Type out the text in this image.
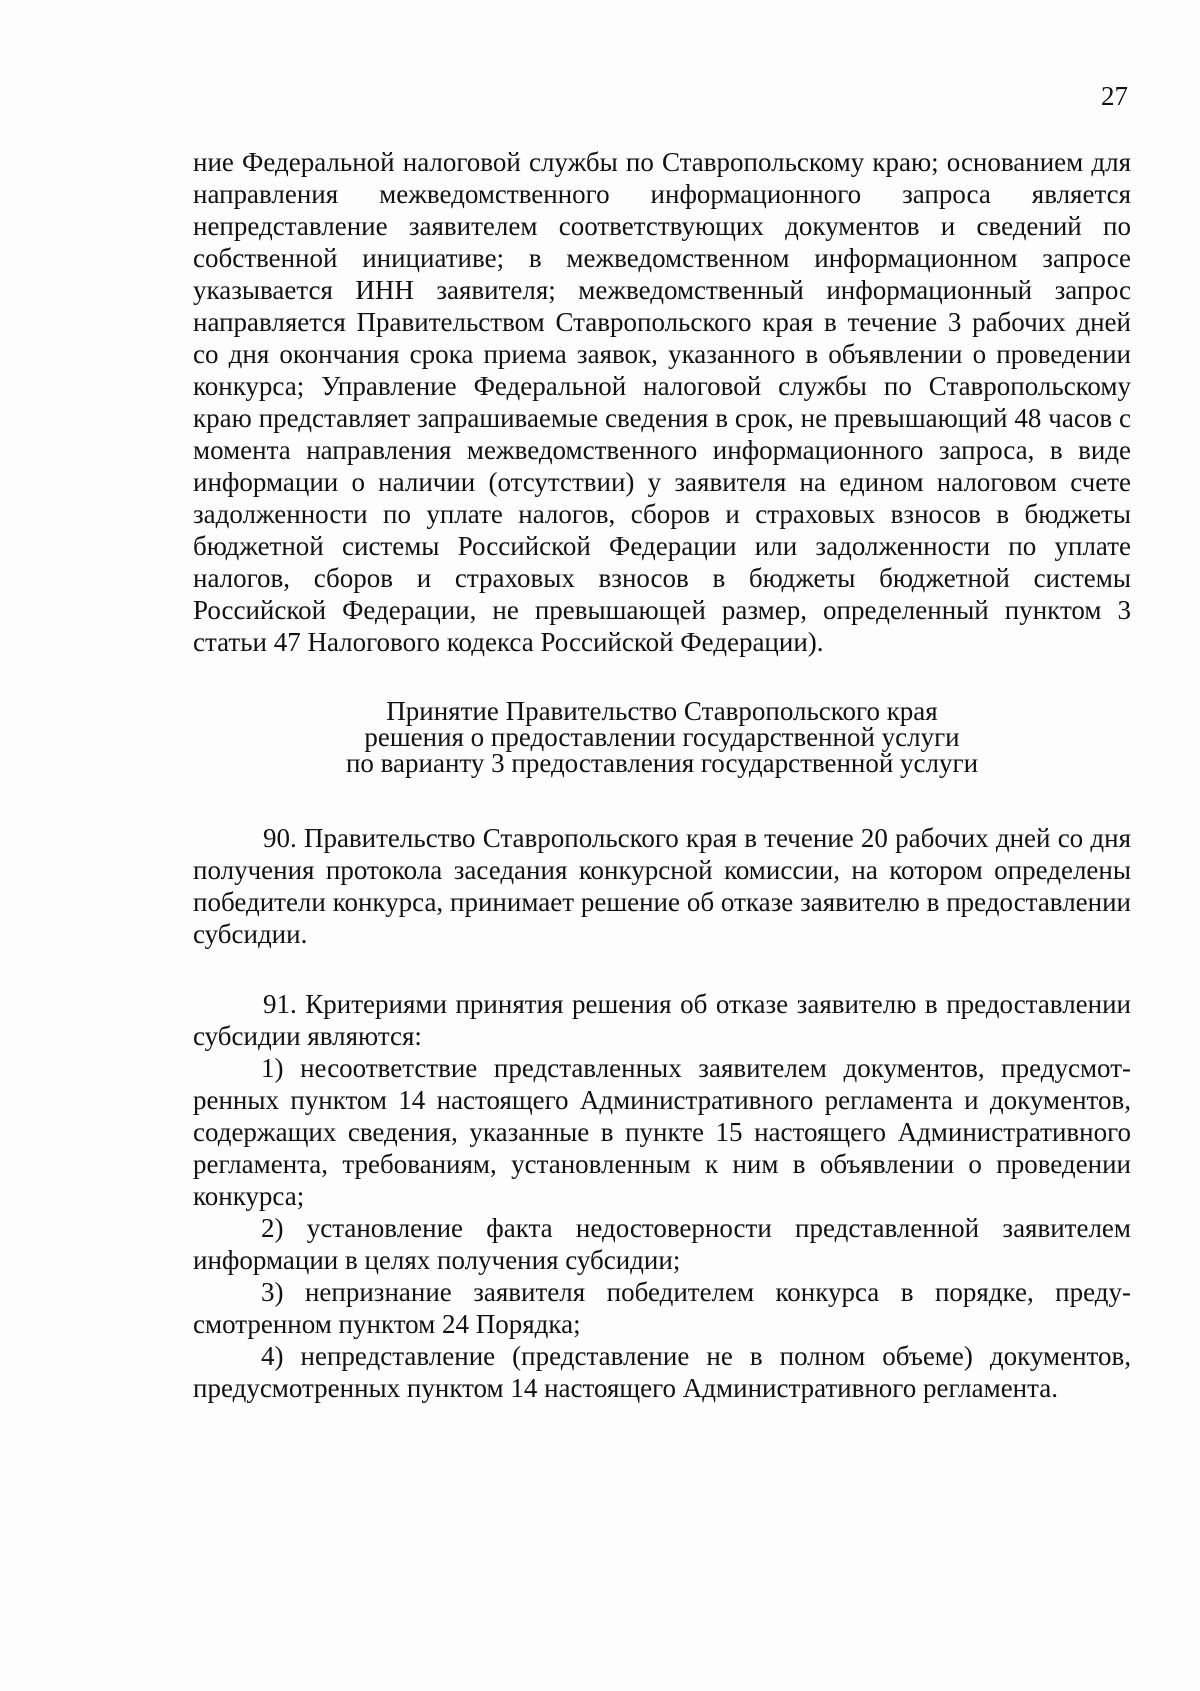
27

ние Федеральной налоговой службы по Ставропольскому краю; основанием для направления межведомственного информационного запроса является непредставление заявителем соответствующих документов и сведений по собственной инициативе; в межведомственном информационном запросе указывается ИНН заявителя; межведомственный информационный запрос направляется Правительством Ставропольского края в течение 3 рабочих дней со дня окончания срока приема заявок, указанного в объявлении о проведении конкурса; Управление Федеральной налоговой службы по Ставропольскому краю представляет запрашиваемые сведения в срок, не превышающий 48 часов с момента направления межведомственного информационного запроса, в виде информации о наличии (отсутствии) у заявителя на едином налоговом счете задолженности по уплате налогов, сборов и страховых взносов в бюджеты бюджетной системы Российской Федерации или задолженности по уплате налогов, сборов и страховых взносов в бюджеты бюджетной системы Российской Федерации, не превышающей размер, определенный пунктом 3 статьи 47 Налогового кодекса Российской Федерации).

Принятие Правительство Ставропольского края
решения о предоставлении государственной услуги
по варианту 3 предоставления государственной услуги

90. Правительство Ставропольского края в течение 20 рабочих дней со дня получения протокола заседания конкурсной комиссии, на котором определены победители конкурса, принимает решение об отказе заявителю в предоставлении субсидии.

91. Критериями принятия решения об отказе заявителю в предоставлении субсидии являются:

1) несоответствие представленных заявителем документов, предусмотренных пунктом 14 настоящего Административного регламента и документов, содержащих сведения, указанные в пункте 15 настоящего Административного регламента, требованиям, установленным к ним в объявлении о проведении конкурса;

2) установление факта недостоверности представленной заявителем информации в целях получения субсидии;

3) непризнание заявителя победителем конкурса в порядке, предусмотренном пунктом 24 Порядка;

4) непредставление (представление не в полном объеме) документов, предусмотренных пунктом 14 настоящего Административного регламента.
